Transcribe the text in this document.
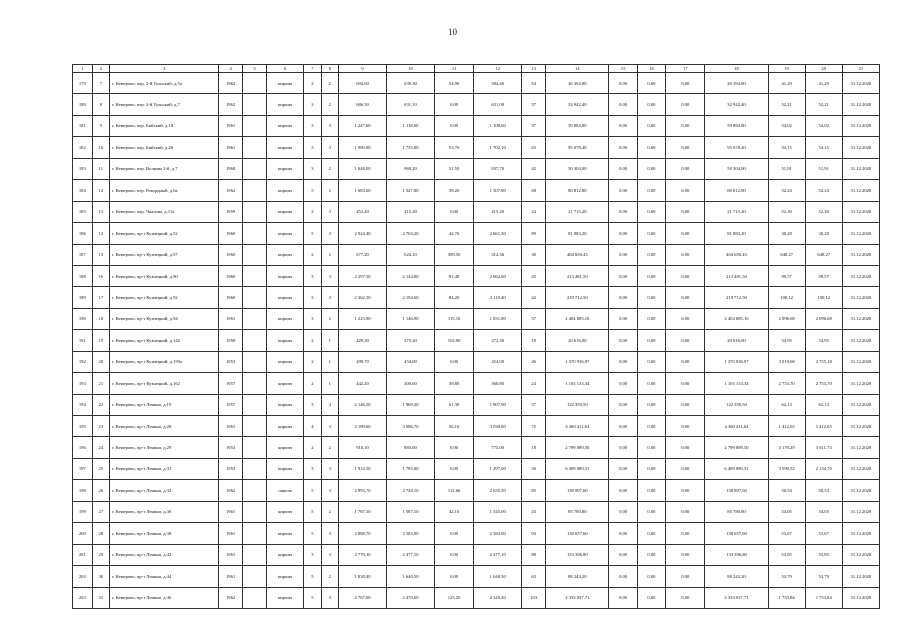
10
1	2	3	4	5	6	7	8	9	10	11	12	13	14	15	16	17	18	19	20	21
179	7	г. Кемерово, пер. 2-й Тульский, д.5а	1962		кирпич	2	2	694,60	639,30	54,90	584,40	54	26 394,80	0,00	0,00	0,00	26 394,80	41,29	41,29	31.12.2020
180	8	г. Кемерово, пер. 2-й Тульский, д.7	1962		кирпич	2	2	686,50	631,10	0,00	631,00	57	32 942,40	0,00	0,00	0,00	32 942,40	52,21	52,21	31.12.2020
181	9	г. Кемерово, пер. Бийский, д.18	1961		кирпич	3	3	1 247,60	1 118,60	0,00	1 108,60	37	59 884,80	0,00	0,00	0,00	59 884,80	54,02	54,02	31.12.2020
182	10	г. Кемерово, пер. Бийский, д.20	1961		кирпич	3	3	1 980,80	1 755,80	53,70	1 702,10	65	95 078,40	0,00	0,00	0,00	95 078,40	54,15	54,15	31.12.2020
183	11	г. Кемерово, пер. Волкова 2-й, д.7	1960		кирпич	3	2	1 048,00	969,20	31,50	937,70	42	50 304,00	0,00	0,00	0,00	50 304,00	51,91	51,91	31.12.2020
184	12	г. Кемерово, пер. Рекордный, д.6а	1962		кирпич	5	2	1 683,60	1 547,00	39,20	1 507,80	68	80 812,80	0,00	0,00	0,00	80 812,80	52,24	52,24	31.12.2020
185	13	г. Кемерово, пер. Чкалова, д.11а	1959		кирпич	2	3	452,40	415,20	0,00	415,20	24	21 715,20	0,00	0,00	0,00	21 715,20	52,30	52,30	31.12.2020
186	14	г. Кемерово, пр-т Кузнецкий, д.52	1960		кирпич	5	3	2 924,40	2 704,20	42,70	2 661,50	89	81 883,20	0,00	0,00	0,00	81 883,20	30,28	30,28	31.12.2020
187	15	г. Кемерово, пр-т Кузнецкий, д.57	1960		кирпич	2	2	677,20	624,10	309,50	314,36	30	404 650,43	0,00	0,00	0,00	404 650,43	648,27	648,27	31.12.2020
188	16	г. Кемерово, пр-т Кузнецкий, д.90	1960		кирпич	3	3	2 297,50	2 144,00	81,40	2 062,60	45	213 481,50	0,00	0,00	0,00	213 481,50	99,57	99,57	31.12.2020
189	17	г. Кемерово, пр-т Кузнецкий, д.92	1960		кирпич	3	3	2 362,50	2 194,60	84,20	2 110,40	42	219 712,50	0,00	0,00	0,00	219 712,50	100,12	100,12	31.12.2020
190	18	г. Кемерово, пр-т Кузнецкий, д.94	1961		кирпич	3	2	1 223,90	1 146,90	115,10	1 031,80	57	2 404 685,16	0,00	0,00	0,00	2 404 685,16	2 096,68	2 096,68	31.12.2020
191	19	г. Кемерово, пр-т Кузнецкий, д.142	1958		кирпич	2	1	429,30	375,20	102,90	272,30	18	20 616,00	0,00	0,00	0,00	20 616,00	54,95	54,95	31.12.2020
192	20	г. Кемерово, пр-т Кузнецкий, д.150а	1953		кирпич	2	1	499,70	454,00	0,00	454,00	26	1 370 936,97	0,00	0,00	0,00	1 370 936,97	3 019,68	2 755,18	31.12.2020
193	21	г. Кемерово, пр-т Кузнецкий, д.162	1957		кирпич	2	1	442,20	400,60	39,80	360,80	24	1 103 133,34	0,00	0,00	0,00	1 103 133,34	2 753,70	2 753,70	31.12.2020
194	22	г. Кемерово, пр-т Ленина, д.19	1957		кирпич	3	4	2 146,50	1 969,20	61,30	1 907,90	57	122 350,50	0,00	0,00	0,00	122 350,50	62,13	62,13	31.12.2020
195	23	г. Кемерово, пр-т Ленина, д.28	1961		кирпич	4	3	3 189,60	3 086,70	56,10	3 030,60	75	4 360 411,64	0,00	0,00	0,00	4 360 411,64	1 412,65	1 412,65	31.12.2020
196	24	г. Кемерово, пр-т Ленина, д.29	1953		кирпич	2	2	910,10	883,00	0,00	775,00	18	2 799 089,50	0,00	0,00	0,00	2 799 089,50	3 170,29	3 611,73	31.12.2020
197	25	г. Кемерово, пр-т Ленина, д.31	1953		кирпич	3	3	1 914,50	1 785,00	0,00	1 297,00	36	6 409 080,31	0,00	0,00	0,00	6 409 080,31	3 590,52	2 134,70	31.12.2020
198	26	г. Кемерово, пр-т Ленина, д.32	1962		панель	5	3	2 893,70	2 748,10	112,60	2 635,50	85	138 897,60	0,00	0,00	0,00	138 897,60	50,54	50,54	31.12.2020
199	27	г. Кемерово, пр-т Ленина, д.36	1961		кирпич	5	2	1 787,10	1 587,10	42,10	1 545,00	43	85 780,80	0,00	0,00	0,00	85 780,80	54,05	54,05	31.12.2020
200	28	г. Кемерово, пр-т Ленина, д.38	1961		кирпич	5	3	2 888,70	2 583,00	0,00	2 583,00	93	138 657,60	0,00	0,00	0,00	138 657,60	53,67	53,67	31.12.2020
201	29	г. Кемерово, пр-т Ленина, д.42	1961		кирпич	3	3	2 779,10	2 477,10	0,00	2 477,10	88	133 396,80	0,00	0,00	0,00	133 396,80	53,85	53,85	31.12.2020
202	30	г. Кемерово, пр-т Ленина, д.44	1961		кирпич	5	2	1 838,40	1 640,50	0,00	1 640,50	63	88 243,20	0,00	0,00	0,00	88 243,20	53,79	53,79	31.12.2020
203	31	г. Кемерово, пр-т Ленина, д.46	1962		кирпич	5	3	2 767,60	2 470,60	125,20	2 345,40	103	4 333 037,71	0,00	0,00	0,00	4 333 037,71	1 753,84	1 753,84	31.12.2020
